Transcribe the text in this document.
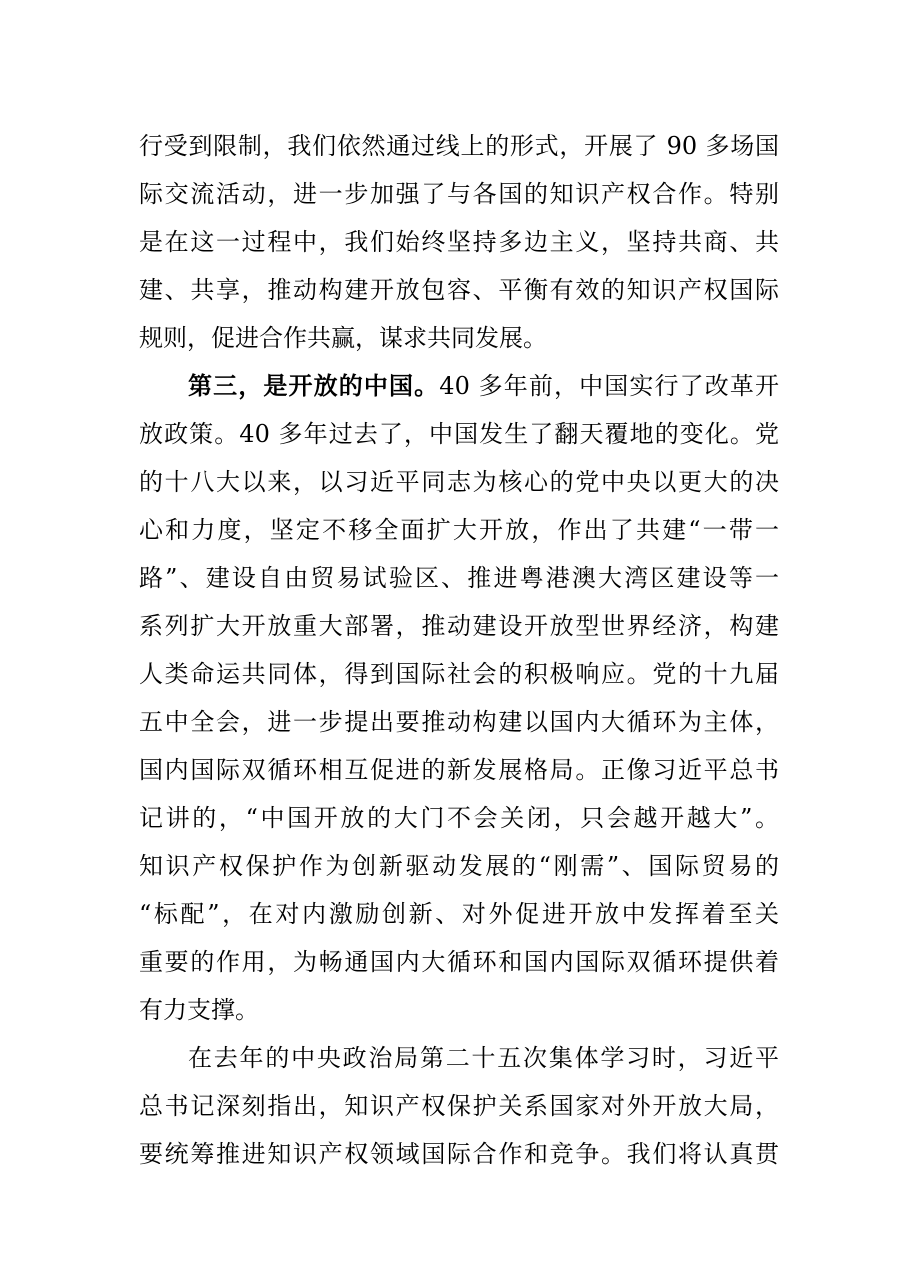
行受到限制，我们依然通过线上的形式，开展了 90 多场国
际交流活动，进一步加强了与各国的知识产权合作。特别
是在这一过程中，我们始终坚持多边主义，坚持共商、共
建、共享，推动构建开放包容、平衡有效的知识产权国际
规则，促进合作共赢，谋求共同发展。
第三，是开放的中国。40 多年前，中国实行了改革开
放政策。40 多年过去了，中国发生了翻天覆地的变化。党
的十八大以来，以习近平同志为核心的党中央以更大的决
心和力度，坚定不移全面扩大开放，作出了共建“一带一
路”、建设自由贸易试验区、推进粤港澳大湾区建设等一
系列扩大开放重大部署，推动建设开放型世界经济，构建
人类命运共同体，得到国际社会的积极响应。党的十九届
五中全会，进一步提出要推动构建以国内大循环为主体，
国内国际双循环相互促进的新发展格局。正像习近平总书
记讲的，“中国开放的大门不会关闭，只会越开越大”。
知识产权保护作为创新驱动发展的“刚需”、国际贸易的
“标配”，在对内激励创新、对外促进开放中发挥着至关
重要的作用，为畅通国内大循环和国内国际双循环提供着
有力支撑。
在去年的中央政治局第二十五次集体学习时，习近平
总书记深刻指出，知识产权保护关系国家对外开放大局，
要统筹推进知识产权领域国际合作和竞争。我们将认真贯
